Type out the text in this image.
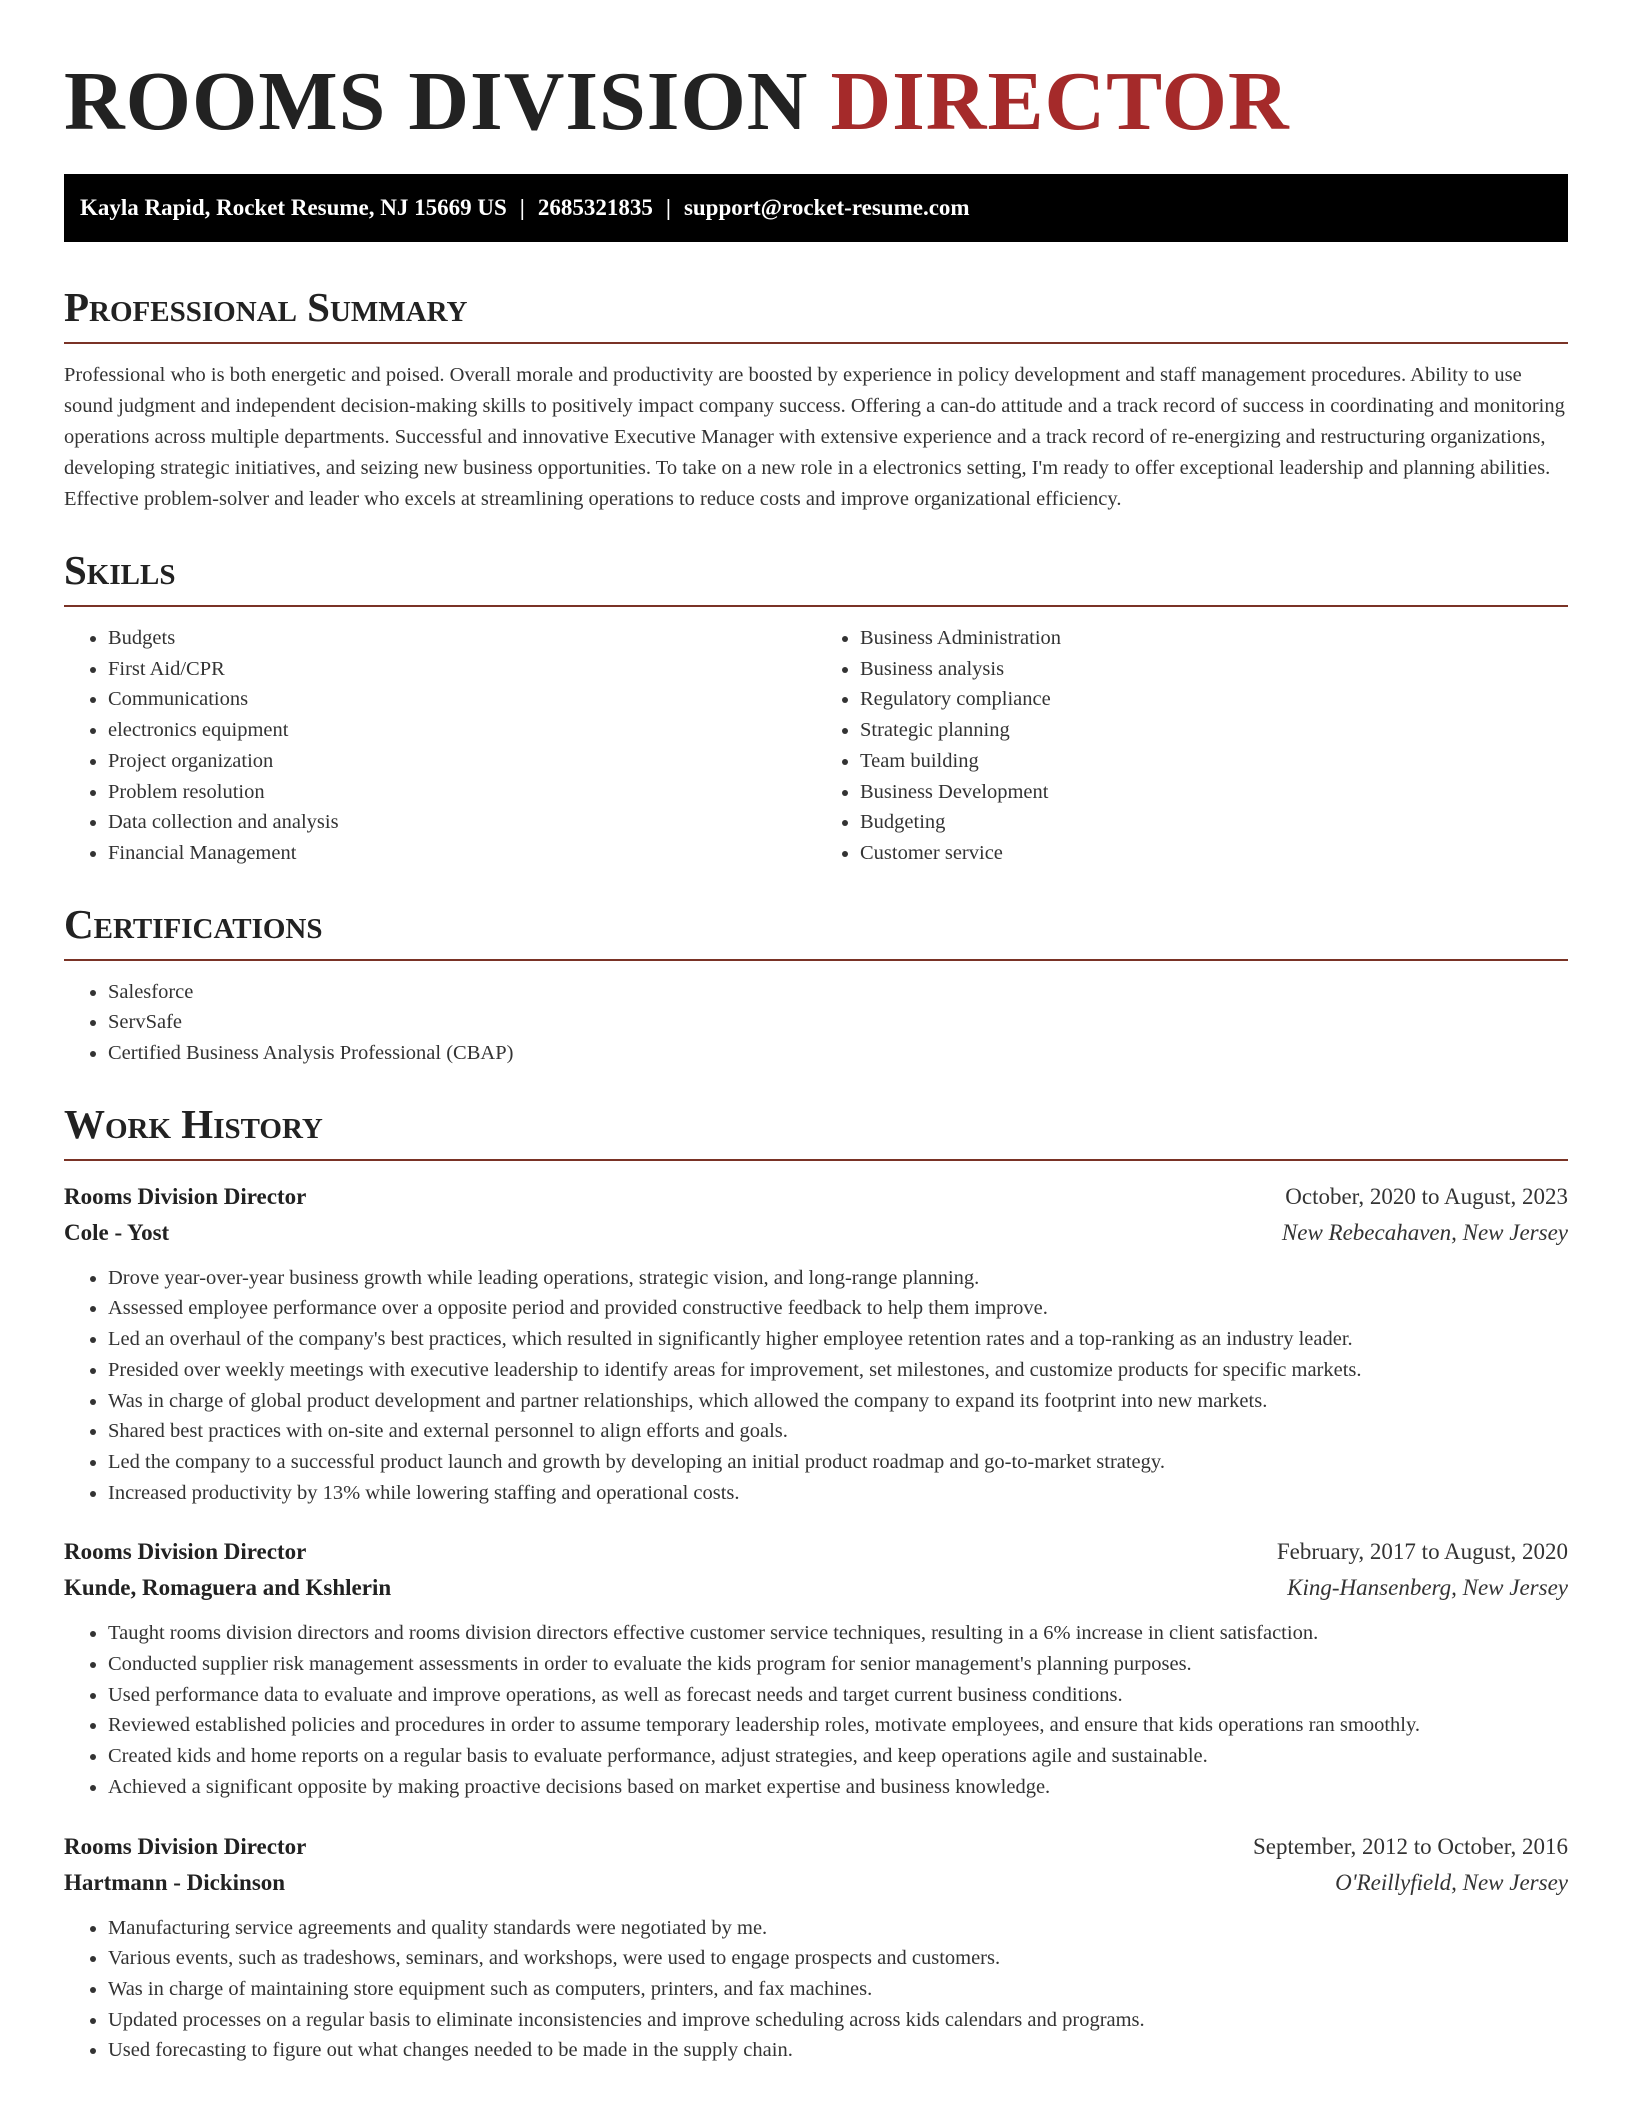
ROOMS DIVISION DIRECTOR
Kayla Rapid, Rocket Resume, NJ 15669 US | 2685321835 | support@rocket-resume.com
Professional Summary

Professional who is both energetic and poised. Overall morale and productivity are boosted by experience in policy development and staff management procedures. Ability to use sound judgment and independent decision-making skills to positively impact company success. Offering a can-do attitude and a track record of success in coordinating and monitoring operations across multiple departments. Successful and innovative Executive Manager with extensive experience and a track record of re-energizing and restructuring organizations, developing strategic initiatives, and seizing new business opportunities. To take on a new role in a electronics setting, I'm ready to offer exceptional leadership and planning abilities. Effective problem-solver and leader who excels at streamlining operations to reduce costs and improve organizational efficiency.

Skills
• Budgets
• First Aid/CPR
• Communications
• electronics equipment
• Project organization
• Problem resolution
• Data collection and analysis
• Financial Management
• Business Administration
• Business analysis
• Regulatory compliance
• Strategic planning
• Team building
• Business Development
• Budgeting
• Customer service
Certifications
• Salesforce
• ServSafe
• Certified Business Analysis Professional (CBAP)
Work History
Rooms Division Director	October, 2020 to August, 2023
Cole - Yost	New Rebecahaven, New Jersey
• Drove year-over-year business growth while leading operations, strategic vision, and long-range planning.
• Assessed employee performance over a opposite period and provided constructive feedback to help them improve.
• Led an overhaul of the company's best practices, which resulted in significantly higher employee retention rates and a top-ranking as an industry leader.
• Presided over weekly meetings with executive leadership to identify areas for improvement, set milestones, and customize products for specific markets.
• Was in charge of global product development and partner relationships, which allowed the company to expand its footprint into new markets.
• Shared best practices with on-site and external personnel to align efforts and goals.
• Led the company to a successful product launch and growth by developing an initial product roadmap and go-to-market strategy.
• Increased productivity by 13% while lowering staffing and operational costs.
Rooms Division Director	February, 2017 to August, 2020
Kunde, Romaguera and Kshlerin	King-Hansenberg, New Jersey
• Taught rooms division directors and rooms division directors effective customer service techniques, resulting in a 6% increase in client satisfaction.
• Conducted supplier risk management assessments in order to evaluate the kids program for senior management's planning purposes.
• Used performance data to evaluate and improve operations, as well as forecast needs and target current business conditions.
• Reviewed established policies and procedures in order to assume temporary leadership roles, motivate employees, and ensure that kids operations ran smoothly.
• Created kids and home reports on a regular basis to evaluate performance, adjust strategies, and keep operations agile and sustainable.
• Achieved a significant opposite by making proactive decisions based on market expertise and business knowledge.
Rooms Division Director	September, 2012 to October, 2016
Hartmann - Dickinson	O'Reillyfield, New Jersey
• Manufacturing service agreements and quality standards were negotiated by me.
• Various events, such as tradeshows, seminars, and workshops, were used to engage prospects and customers.
• Was in charge of maintaining store equipment such as computers, printers, and fax machines.
• Updated processes on a regular basis to eliminate inconsistencies and improve scheduling across kids calendars and programs.
• Used forecasting to figure out what changes needed to be made in the supply chain.
